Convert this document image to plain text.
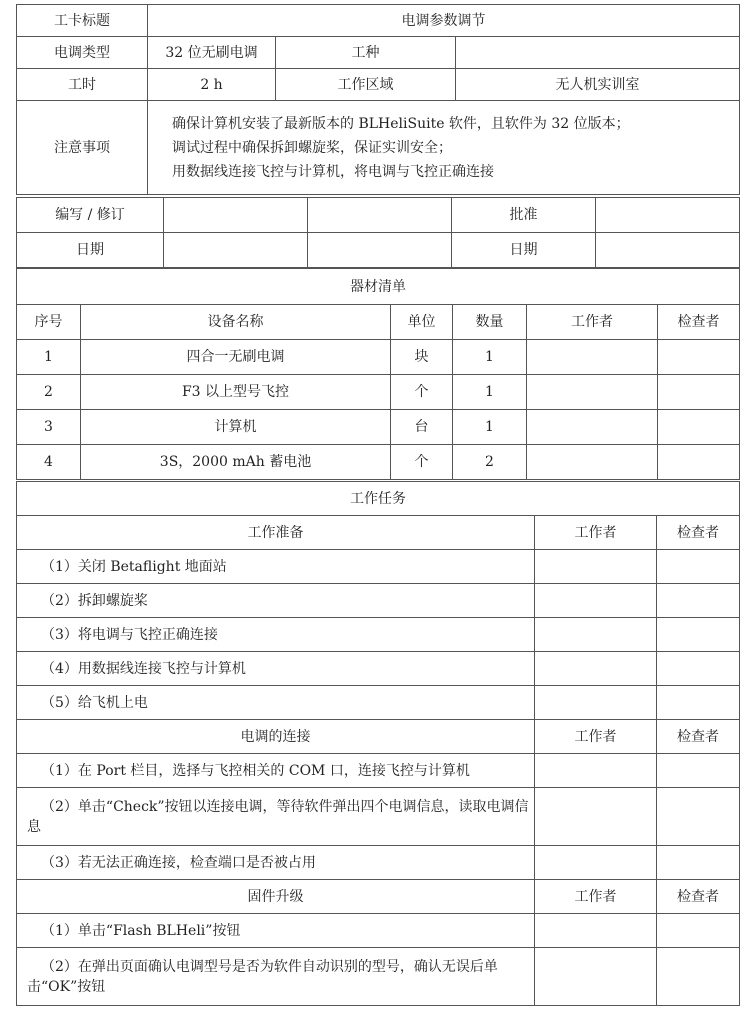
工卡标题	电调参数调节		
电调类型	32 位无刷电调	工种	
工时	2 h	工作区域	无人机实训室
注意事项	确保计算机安装了最新版本的 BLHeliSuite 软件，且软件为 32 位版本；
调试过程中确保拆卸螺旋桨，保证实训安全；
用数据线连接飞控与计算机，将电调与飞控正确连接		
编写 / 修订			批准	
日期			日期	
器材清单					
序号	设备名称	单位	数量	工作者	检查者
1	四合一无刷电调	块	1		
2	F3 以上型号飞控	个	1		
3	计算机	台	1		
4	3S，2000 mAh 蓄电池	个	2		
工作任务		
工作准备	工作者	检查者
（1）关闭 Betaflight 地面站		
（2）拆卸螺旋桨		
（3）将电调与飞控正确连接		
（4）用数据线连接飞控与计算机		
（5）给飞机上电		
电调的连接	工作者	检查者
（1）在 Port 栏目，选择与飞控相关的 COM 口，连接飞控与计算机		
（2）单击“Check”按钮以连接电调，等待软件弹出四个电调信息，读取电调信息		
（3）若无法正确连接，检查端口是否被占用		
固件升级	工作者	检查者
（1）单击“Flash BLHeli”按钮		
（2）在弹出页面确认电调型号是否为软件自动识别的型号，确认无误后单击“OK”按钮		
